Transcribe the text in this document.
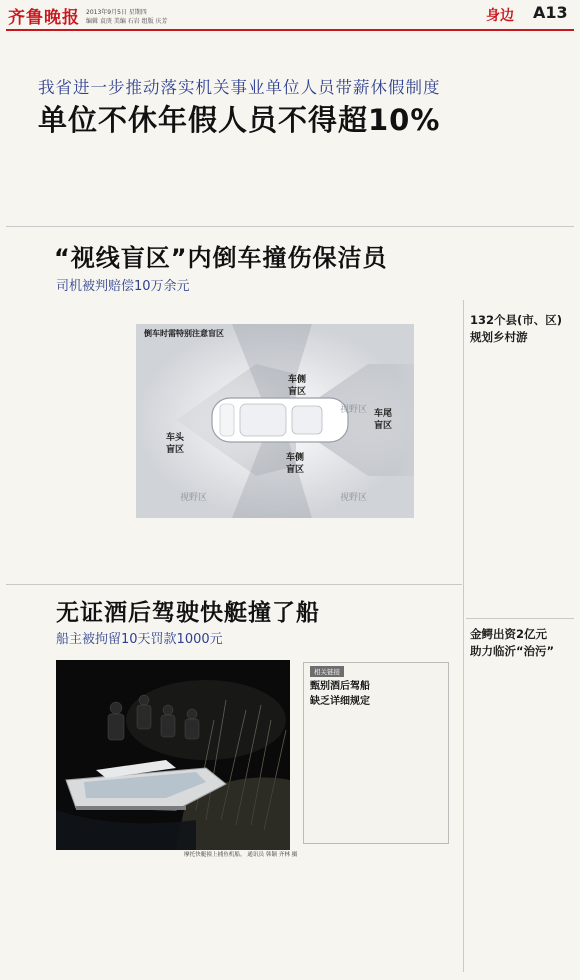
齐鲁晚报 2013年9月5日 星期四
编辑 袁庚 美编 石岩 组版 庆芳	身边 A13
我省进一步推动落实机关事业单位人员带薪休假制度
单位不休年假人员不得超10%
“视线盲区”内倒车撞伤保洁员
司机被判赔偿10万余元
倒车时需特别注意盲区
车侧盲区
车侧盲区
车头盲区
车尾盲区
视野区
视野区	视野区
132个县(市、区)
规划乡村游
金鳄出资2亿元
助力临沂“治污”
无证酒后驾驶快艇撞了船
船主被拘留10天罚款1000元
摩托快艇撞上捕鱼机船。 通讯员 韩颖 齐林 摄
相关链接
甄别酒后驾船
缺乏详细规定
